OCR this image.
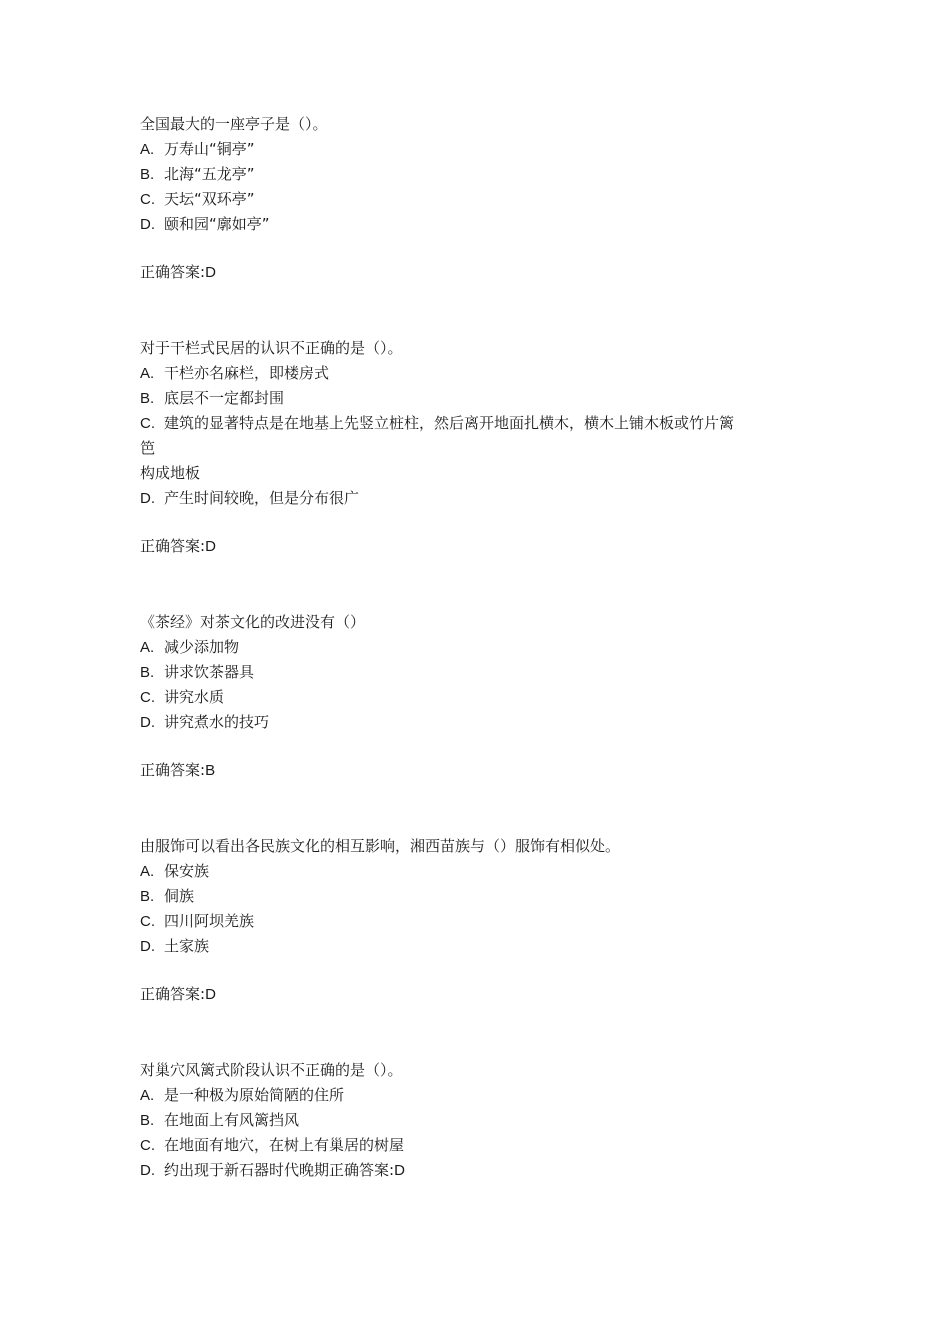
全国最大的一座亭子是（）。

A. 万寿山“铜亭”
B. 北海“五龙亭”
C. 天坛“双环亭”
D. 颐和园“廓如亭”
正确答案:D

对于干栏式民居的认识不正确的是（）。

A. 干栏亦名麻栏，即楼房式
B. 底层不一定都封围
C. 建筑的显著特点是在地基上先竖立桩柱，然后离开地面扎横木，横木上铺木板或竹片篱
笆
构成地板
D. 产生时间较晚，但是分布很广
正确答案:D

《茶经》对茶文化的改进没有（）

A. 减少添加物
B. 讲求饮茶器具
C. 讲究水质
D. 讲究煮水的技巧
正确答案:B

由服饰可以看出各民族文化的相互影响，湘西苗族与（）服饰有相似处。

A. 保安族
B. 侗族
C. 四川阿坝羌族
D. 土家族
正确答案:D

对巢穴风篱式阶段认识不正确的是（）。

A. 是一种极为原始简陋的住所
B. 在地面上有风篱挡风
C. 在地面有地穴，在树上有巢居的树屋
D. 约出现于新石器时代晚期正确答案:D
